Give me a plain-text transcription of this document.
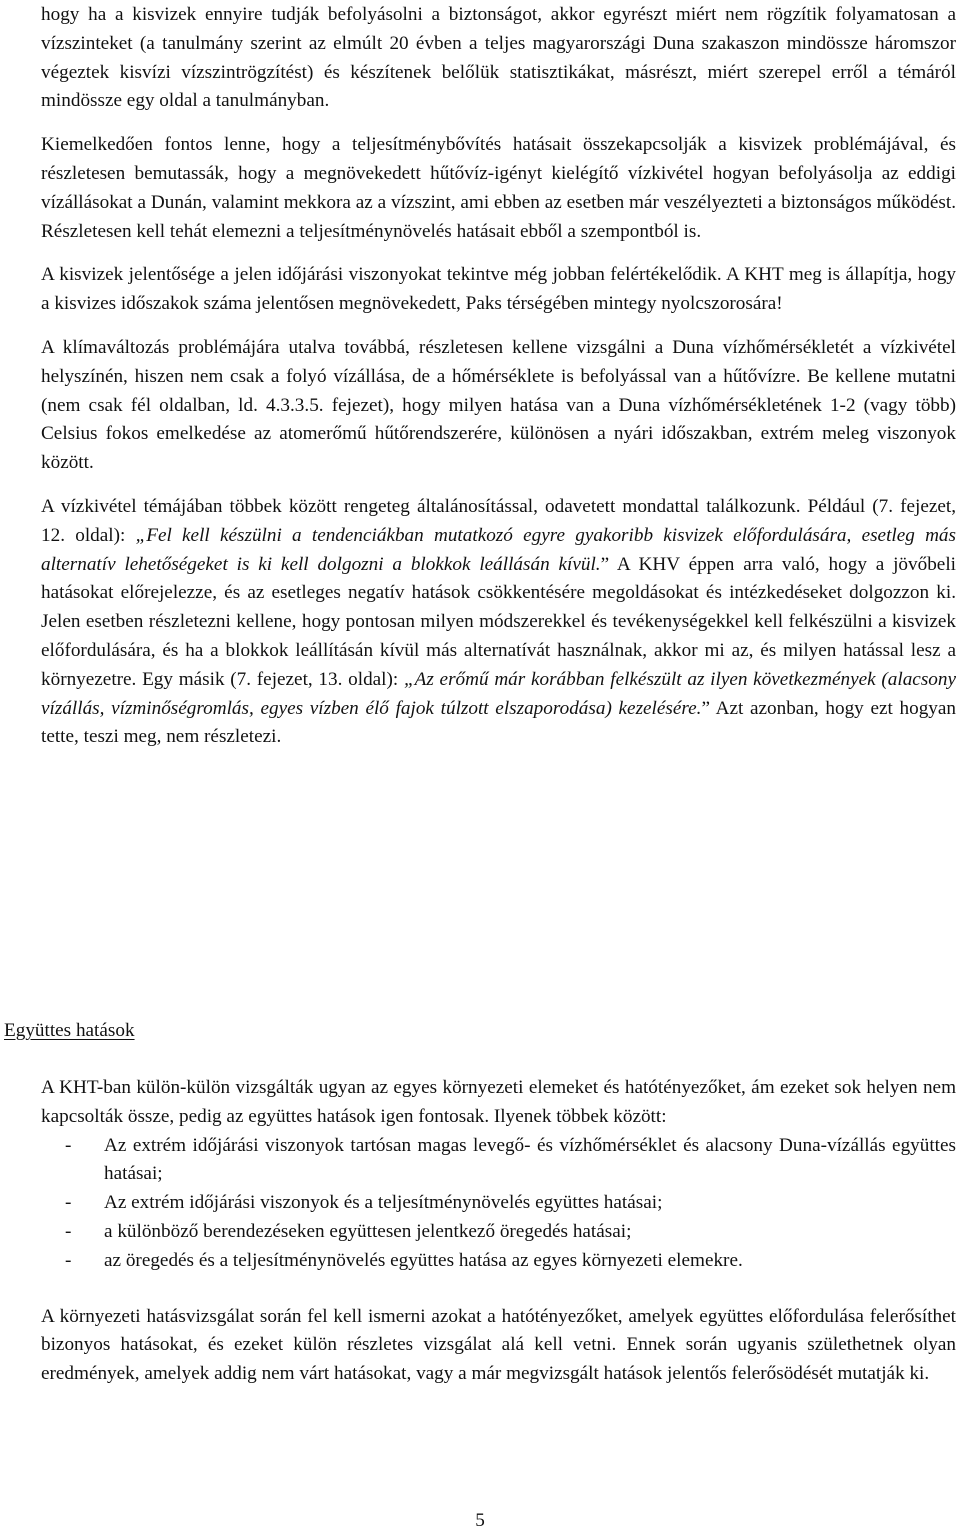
hogy ha a kisvizek ennyire tudják befolyásolni a biztonságot, akkor egyrészt miért nem rögzítik folyamatosan a vízszinteket (a tanulmány szerint az elmúlt 20 évben a teljes magyarországi Duna szakaszon mindössze háromszor végeztek kisvízi vízszintrögzítést) és készítenek belőlük statisztikákat, másrészt, miért szerepel erről a témáról mindössze egy oldal a tanulmányban.

Kiemelkedően fontos lenne, hogy a teljesítménybővítés hatásait összekapcsolják a kisvizek problémájával, és részletesen bemutassák, hogy a megnövekedett hűtővíz-igényt kielégítő vízkivétel hogyan befolyásolja az eddigi vízállásokat a Dunán, valamint mekkora az a vízszint, ami ebben az esetben már veszélyezteti a biztonságos működést. Részletesen kell tehát elemezni a teljesítménynövelés hatásait ebből a szempontból is.

A kisvizek jelentősége a jelen időjárási viszonyokat tekintve még jobban felértékelődik. A KHT meg is állapítja, hogy a kisvizes időszakok száma jelentősen megnövekedett, Paks térségében mintegy nyolcszorosára!

A klímaváltozás problémájára utalva továbbá, részletesen kellene vizsgálni a Duna vízhőmérsékletét a vízkivétel helyszínén, hiszen nem csak a folyó vízállása, de a hőmérséklete is befolyással van a hűtővízre. Be kellene mutatni (nem csak fél oldalban, ld. 4.3.3.5. fejezet), hogy milyen hatása van a Duna vízhőmérsékletének 1-2 (vagy több) Celsius fokos emelkedése az atomerőmű hűtőrendszerére, különösen a nyári időszakban, extrém meleg viszonyok között.

A vízkivétel témájában többek között rengeteg általánosítással, odavetett mondattal találkozunk. Például (7. fejezet, 12. oldal): „Fel kell készülni a tendenciákban mutatkozó egyre gyakoribb kisvizek előfordulására, esetleg más alternatív lehetőségeket is ki kell dolgozni a blokkok leállásán kívül.” A KHV éppen arra való, hogy a jövőbeli hatásokat előrejelezze, és az esetleges negatív hatások csökkentésére megoldásokat és intézkedéseket dolgozzon ki. Jelen esetben részletezni kellene, hogy pontosan milyen módszerekkel és tevékenységekkel kell felkészülni a kisvizek előfordulására, és ha a blokkok leállításán kívül más alternatívát használnak, akkor mi az, és milyen hatással lesz a környezetre. Egy másik (7. fejezet, 13. oldal): „Az erőmű már korábban felkészült az ilyen következmények (alacsony vízállás, vízminőségromlás, egyes vízben élő fajok túlzott elszaporodása) kezelésére.” Azt azonban, hogy ezt hogyan tette, teszi meg, nem részletezi.

Együttes hatások

A KHT-ban külön-külön vizsgálták ugyan az egyes környezeti elemeket és hatótényezőket, ám ezeket sok helyen nem kapcsolták össze, pedig az együttes hatások igen fontosak. Ilyenek többek között:

- Az extrém időjárási viszonyok tartósan magas levegő- és vízhőmérséklet és alacsony Duna-vízállás együttes hatásai;
- Az extrém időjárási viszonyok és a teljesítménynövelés együttes hatásai;
- a különböző berendezéseken együttesen jelentkező öregedés hatásai;
- az öregedés és a teljesítménynövelés együttes hatása az egyes környezeti elemekre.

A környezeti hatásvizsgálat során fel kell ismerni azokat a hatótényezőket, amelyek együttes előfordulása felerősíthet bizonyos hatásokat, és ezeket külön részletes vizsgálat alá kell vetni. Ennek során ugyanis születhetnek olyan eredmények, amelyek addig nem várt hatásokat, vagy a már megvizsgált hatások jelentős felerősödését mutatják ki.

5
